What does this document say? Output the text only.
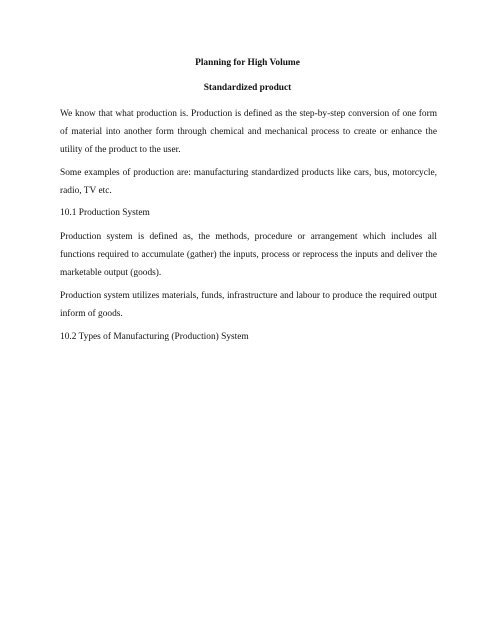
Planning for High Volume
Standardized product
We know that what production is. Production is defined as the step-by-step conversion of one form of material into another form through chemical and mechanical process to create or enhance the utility of the product to the user.
Some examples of production are: manufacturing standardized products like cars, bus, motorcycle, radio, TV etc.
10.1 Production System
Production system is defined as, the methods, procedure or arrangement which includes all functions required to accumulate (gather) the inputs, process or reprocess the inputs and deliver the marketable output (goods).
Production system utilizes materials, funds, infrastructure and labour to produce the required output inform of goods.
10.2 Types of Manufacturing (Production) System
